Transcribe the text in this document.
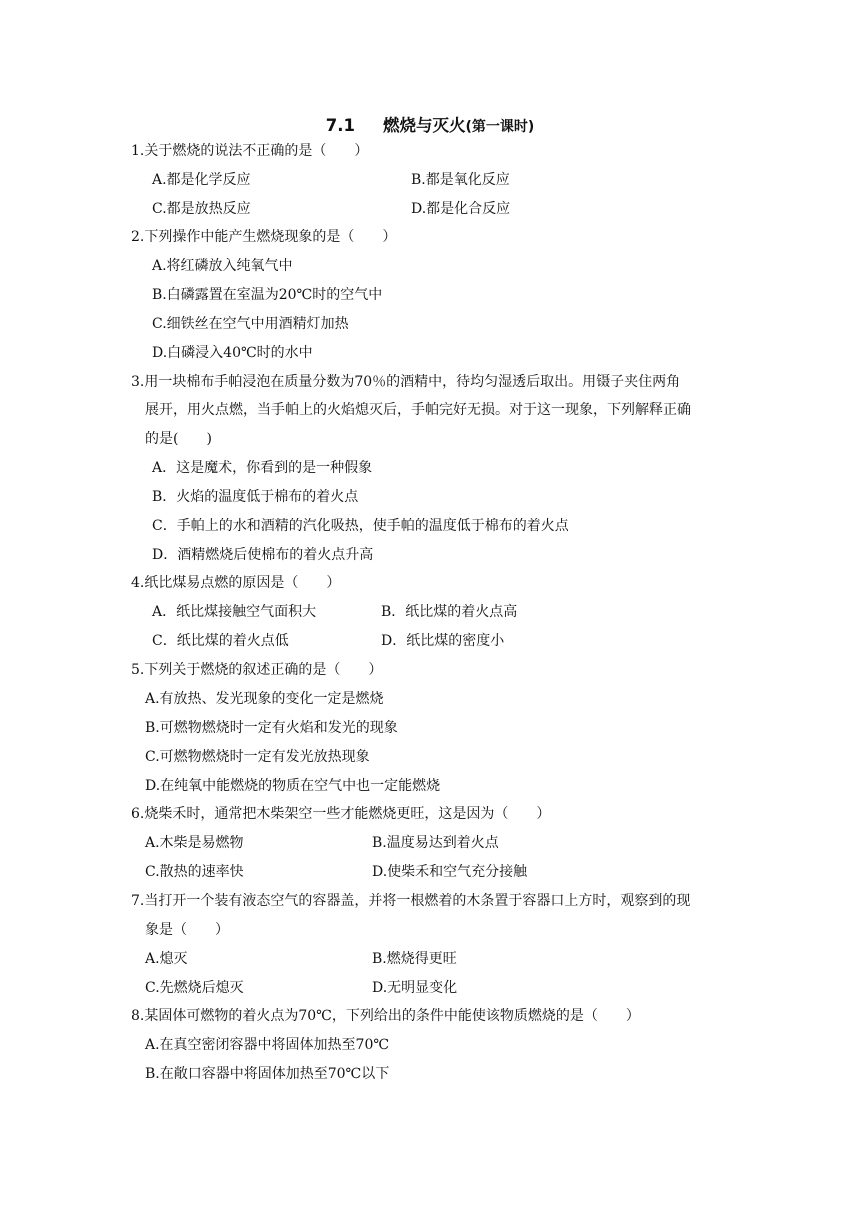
7.1 燃烧与灭火(第一课时)
1.关于燃烧的说法不正确的是（　　）
A.都是化学反应	B.都是氧化反应
C.都是放热反应	D.都是化合反应
2.下列操作中能产生燃烧现象的是（　　）
A.将红磷放入纯氧气中
B.白磷露置在室温为20℃时的空气中
C.细铁丝在空气中用酒精灯加热
D.白磷浸入40℃时的水中
3.用一块棉布手帕浸泡在质量分数为70％的酒精中，待均匀湿透后取出。用镊子夹住两角
展开，用火点燃，当手帕上的火焰熄灭后，手帕完好无损。对于这一现象，下列解释正确
的是(　　)
A．这是魔术，你看到的是一种假象
B．火焰的温度低于棉布的着火点
C．手帕上的水和酒精的汽化吸热，使手帕的温度低于棉布的着火点
D．酒精燃烧后使棉布的着火点升高
4.纸比煤易点燃的原因是（　　）
A．纸比煤接触空气面积大	B．纸比煤的着火点高
C．纸比煤的着火点低	D．纸比煤的密度小
5.下列关于燃烧的叙述正确的是（　　）
A.有放热、发光现象的变化一定是燃烧
B.可燃物燃烧时一定有火焰和发光的现象
C.可燃物燃烧时一定有发光放热现象
D.在纯氧中能燃烧的物质在空气中也一定能燃烧
6.烧柴禾时，通常把木柴架空一些才能燃烧更旺，这是因为（　　）
A.木柴是易燃物	B.温度易达到着火点
C.散热的速率快	D.使柴禾和空气充分接触
7.当打开一个装有液态空气的容器盖，并将一根燃着的木条置于容器口上方时，观察到的现
象是（　　）
A.熄灭	B.燃烧得更旺
C.先燃烧后熄灭	D.无明显变化
8.某固体可燃物的着火点为70℃，下列给出的条件中能使该物质燃烧的是（　　）
A.在真空密闭容器中将固体加热至70℃
B.在敞口容器中将固体加热至70℃以下
